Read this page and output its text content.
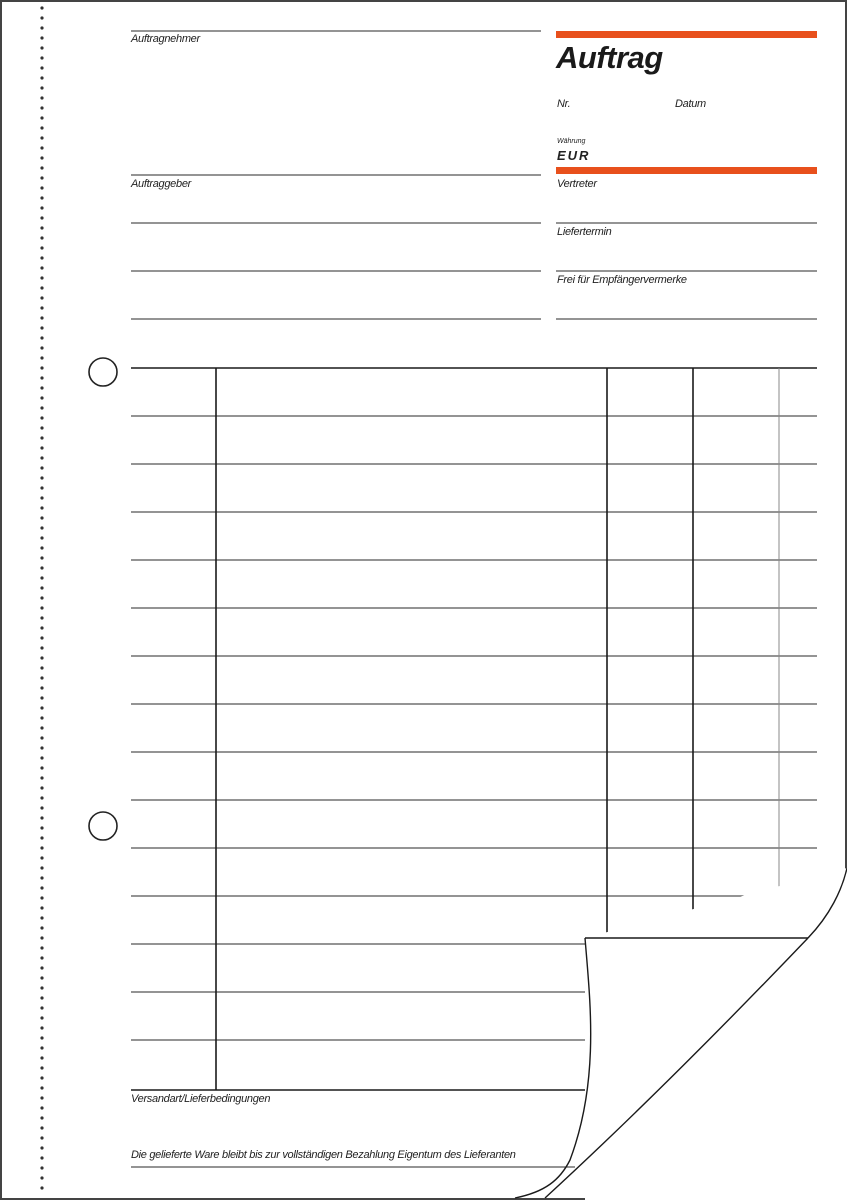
Auftragnehmer
Auftrag
Nr.	Datum
Währung
EUR
Auftraggeber	Vertreter
Liefertermin
Frei für Empfängervermerke
Versandart/Lieferbedingungen
Die gelieferte Ware bleibt bis zur vollständigen Bezahlung Eigentum des Lieferanten
